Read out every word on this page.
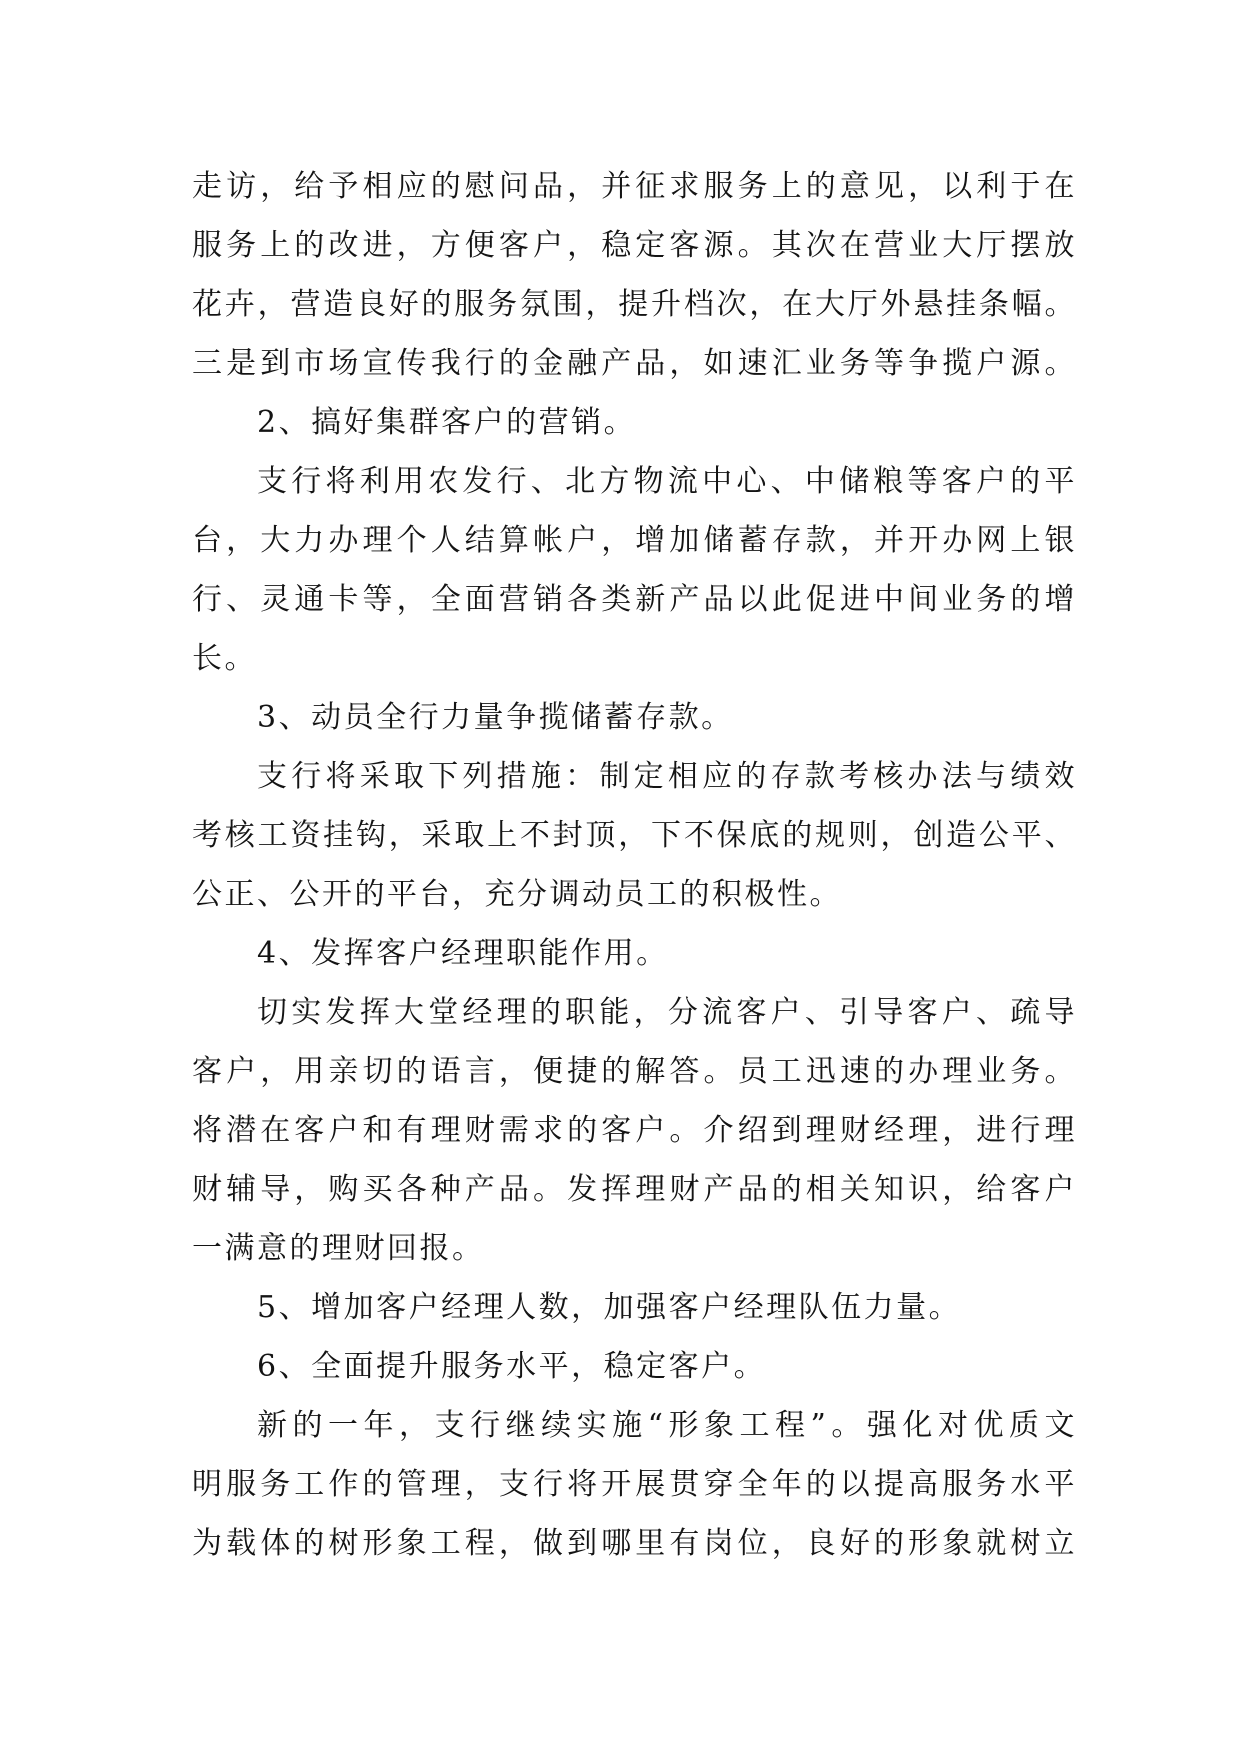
走访，给予相应的慰问品，并征求服务上的意见，以利于在
服务上的改进，方便客户，稳定客源。其次在营业大厅摆放
花卉，营造良好的服务氛围，提升档次，在大厅外悬挂条幅。
三是到市场宣传我行的金融产品，如速汇业务等争揽户源。
2、搞好集群客户的营销。
支行将利用农发行、北方物流中心、中储粮等客户的平
台，大力办理个人结算帐户，增加储蓄存款，并开办网上银
行、灵通卡等，全面营销各类新产品以此促进中间业务的增
长。
3、动员全行力量争揽储蓄存款。
支行将采取下列措施：制定相应的存款考核办法与绩效
考核工资挂钩，采取上不封顶，下不保底的规则，创造公平、
公正、公开的平台，充分调动员工的积极性。
4、发挥客户经理职能作用。
切实发挥大堂经理的职能，分流客户、引导客户、疏导
客户，用亲切的语言，便捷的解答。员工迅速的办理业务。
将潜在客户和有理财需求的客户。介绍到理财经理，进行理
财辅导，购买各种产品。发挥理财产品的相关知识，给客户
一满意的理财回报。
5、增加客户经理人数，加强客户经理队伍力量。
6、全面提升服务水平，稳定客户。
新的一年，支行继续实施“形象工程”。强化对优质文
明服务工作的管理，支行将开展贯穿全年的以提高服务水平
为载体的树形象工程，做到哪里有岗位，良好的形象就树立
